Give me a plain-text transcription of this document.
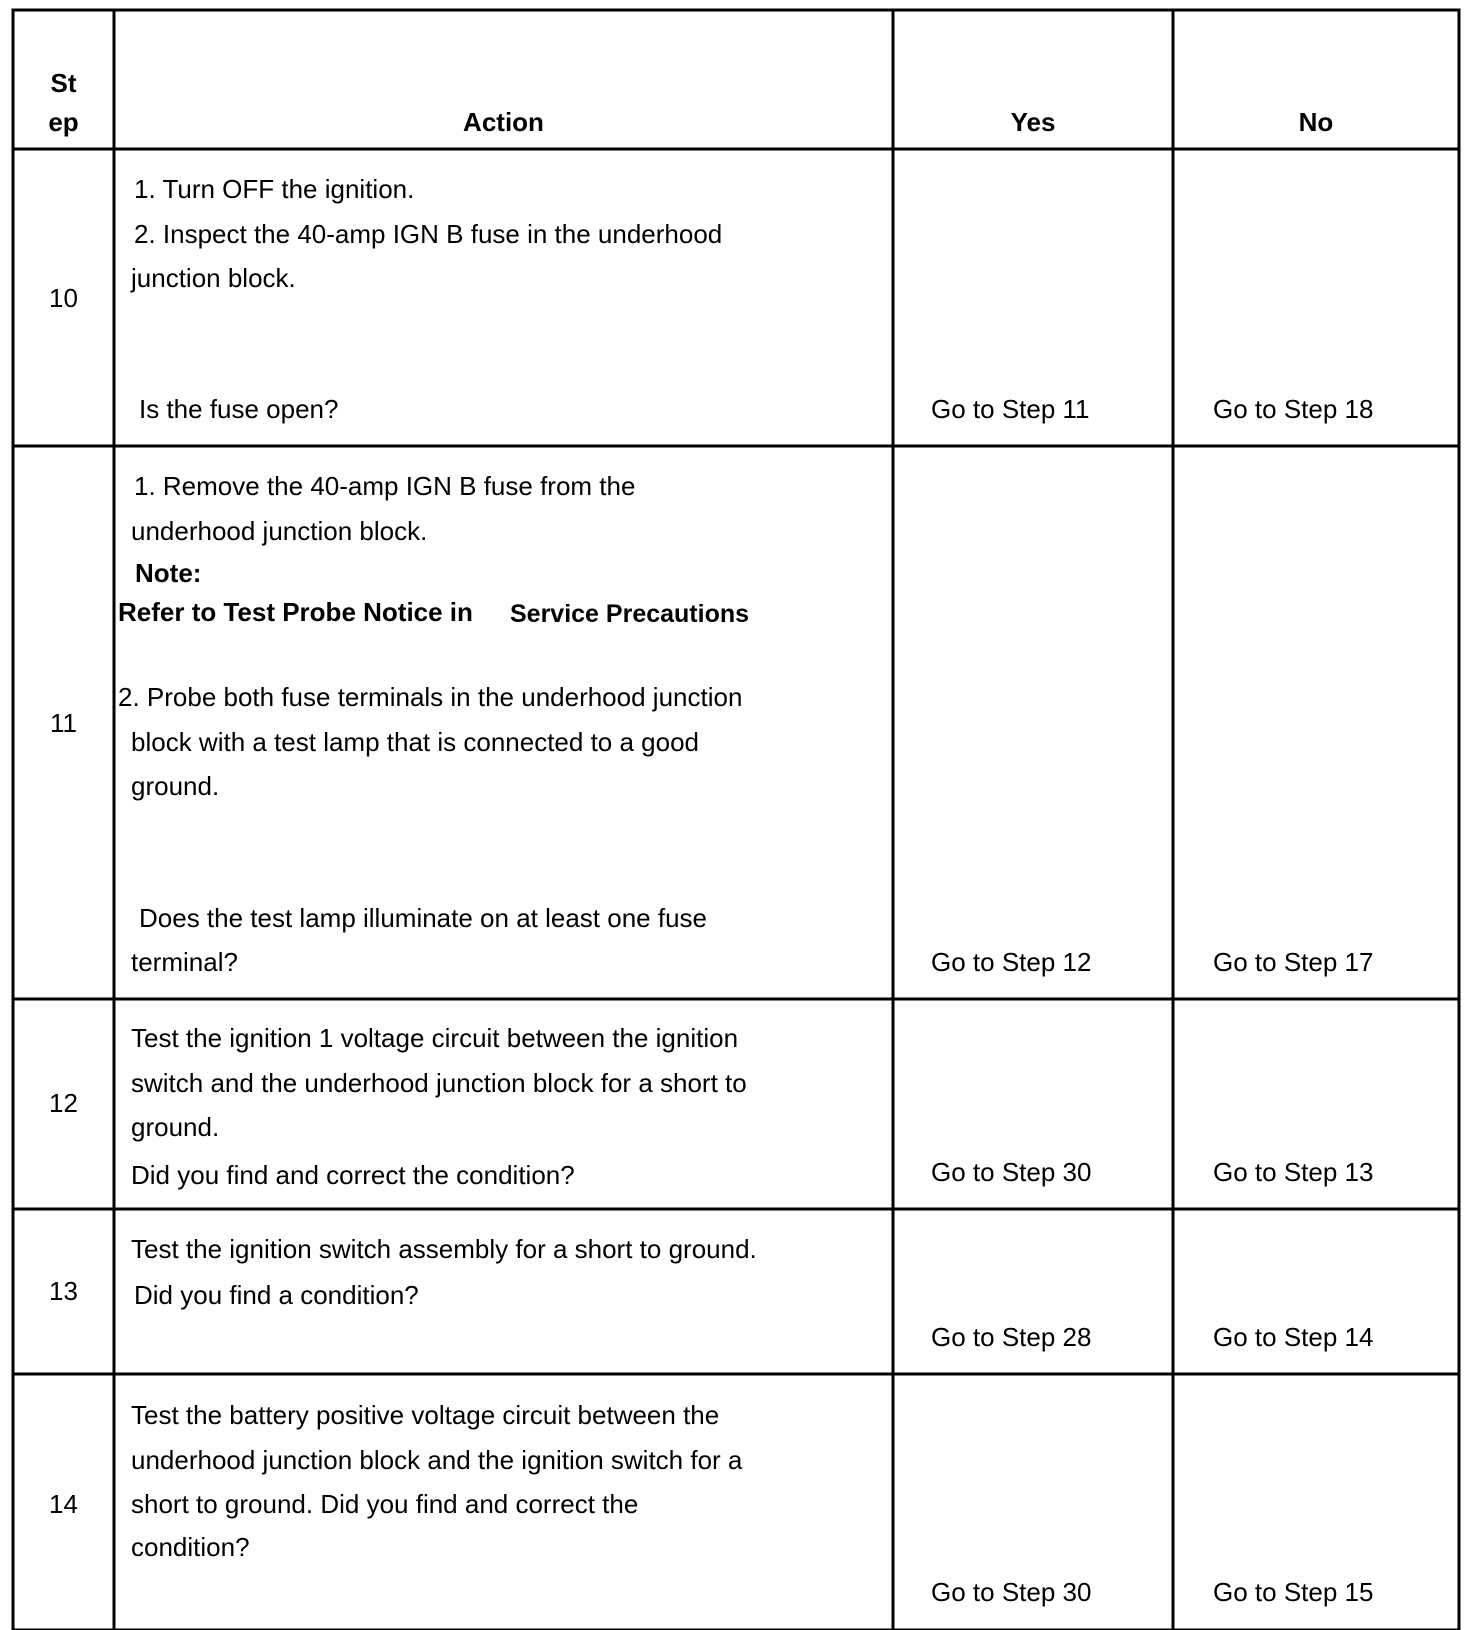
St
ep	Action	Yes	No
10
1. Turn OFF the ignition.
2. Inspect the 40-amp IGN B fuse in the underhood
junction block.
Is the fuse open?	Go to Step 11	Go to Step 18
11
1. Remove the 40-amp IGN B fuse from the
underhood junction block.
Note:
Refer to Test Probe Notice in Service Precautions
2. Probe both fuse terminals in the underhood junction
block with a test lamp that is connected to a good
ground.
Does the test lamp illuminate on at least one fuse
terminal?	Go to Step 12	Go to Step 17
12
Test the ignition 1 voltage circuit between the ignition
switch and the underhood junction block for a short to
ground.
Did you find and correct the condition?	Go to Step 30	Go to Step 13
13
Test the ignition switch assembly for a short to ground.
Did you find a condition?
Go to Step 28	Go to Step 14
14
Test the battery positive voltage circuit between the
underhood junction block and the ignition switch for a
short to ground. Did you find and correct the
condition?
Go to Step 30	Go to Step 15
